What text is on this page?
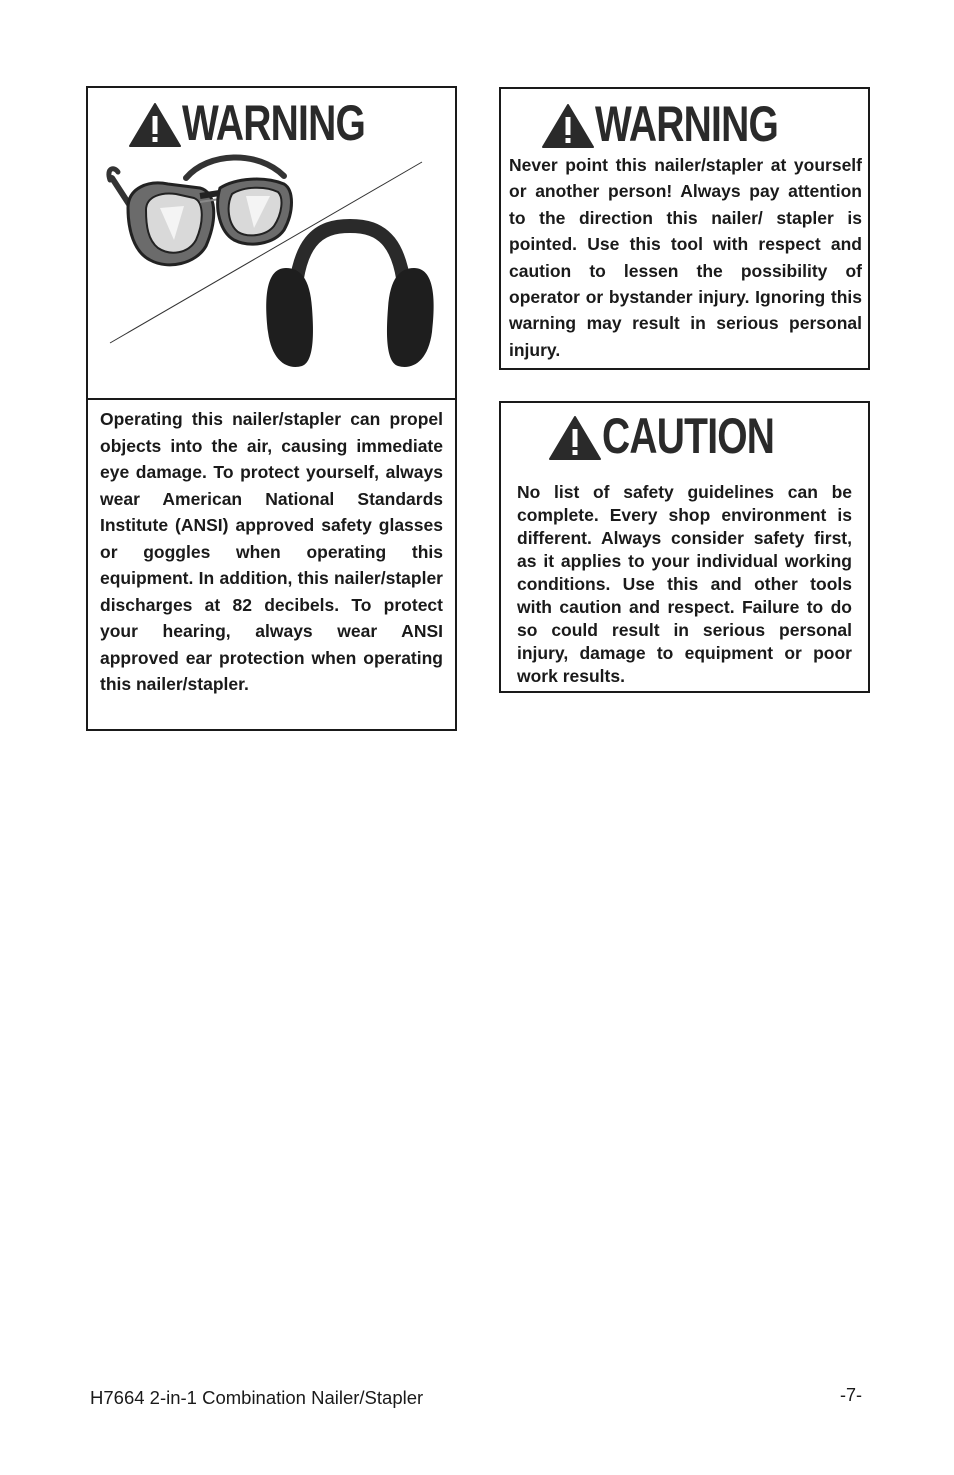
WARNING

Operating this nailer/stapler can propel objects into the air, causing immediate eye damage. To protect yourself, always wear American National Standards Institute (ANSI) approved safety glasses or goggles when operating this equipment. In addition, this nailer/stapler discharges at 82 decibels. To protect your hearing, always wear ANSI approved ear protection when operating this nailer/stapler.

WARNING

Never point this nailer/stapler at yourself or another person! Always pay attention to the direction this nailer/ stapler is pointed. Use this tool with respect and caution to lessen the possibility of operator or bystander injury. Ignoring this warning may result in serious personal injury.

CAUTION

No list of safety guidelines can be complete. Every shop environment is different. Always consider safety first, as it applies to your individual working conditions. Use this and other tools with caution and respect. Failure to do so could result in serious personal injury, damage to equipment or poor work results.

H7664 2-in-1 Combination Nailer/Stapler	-7-
